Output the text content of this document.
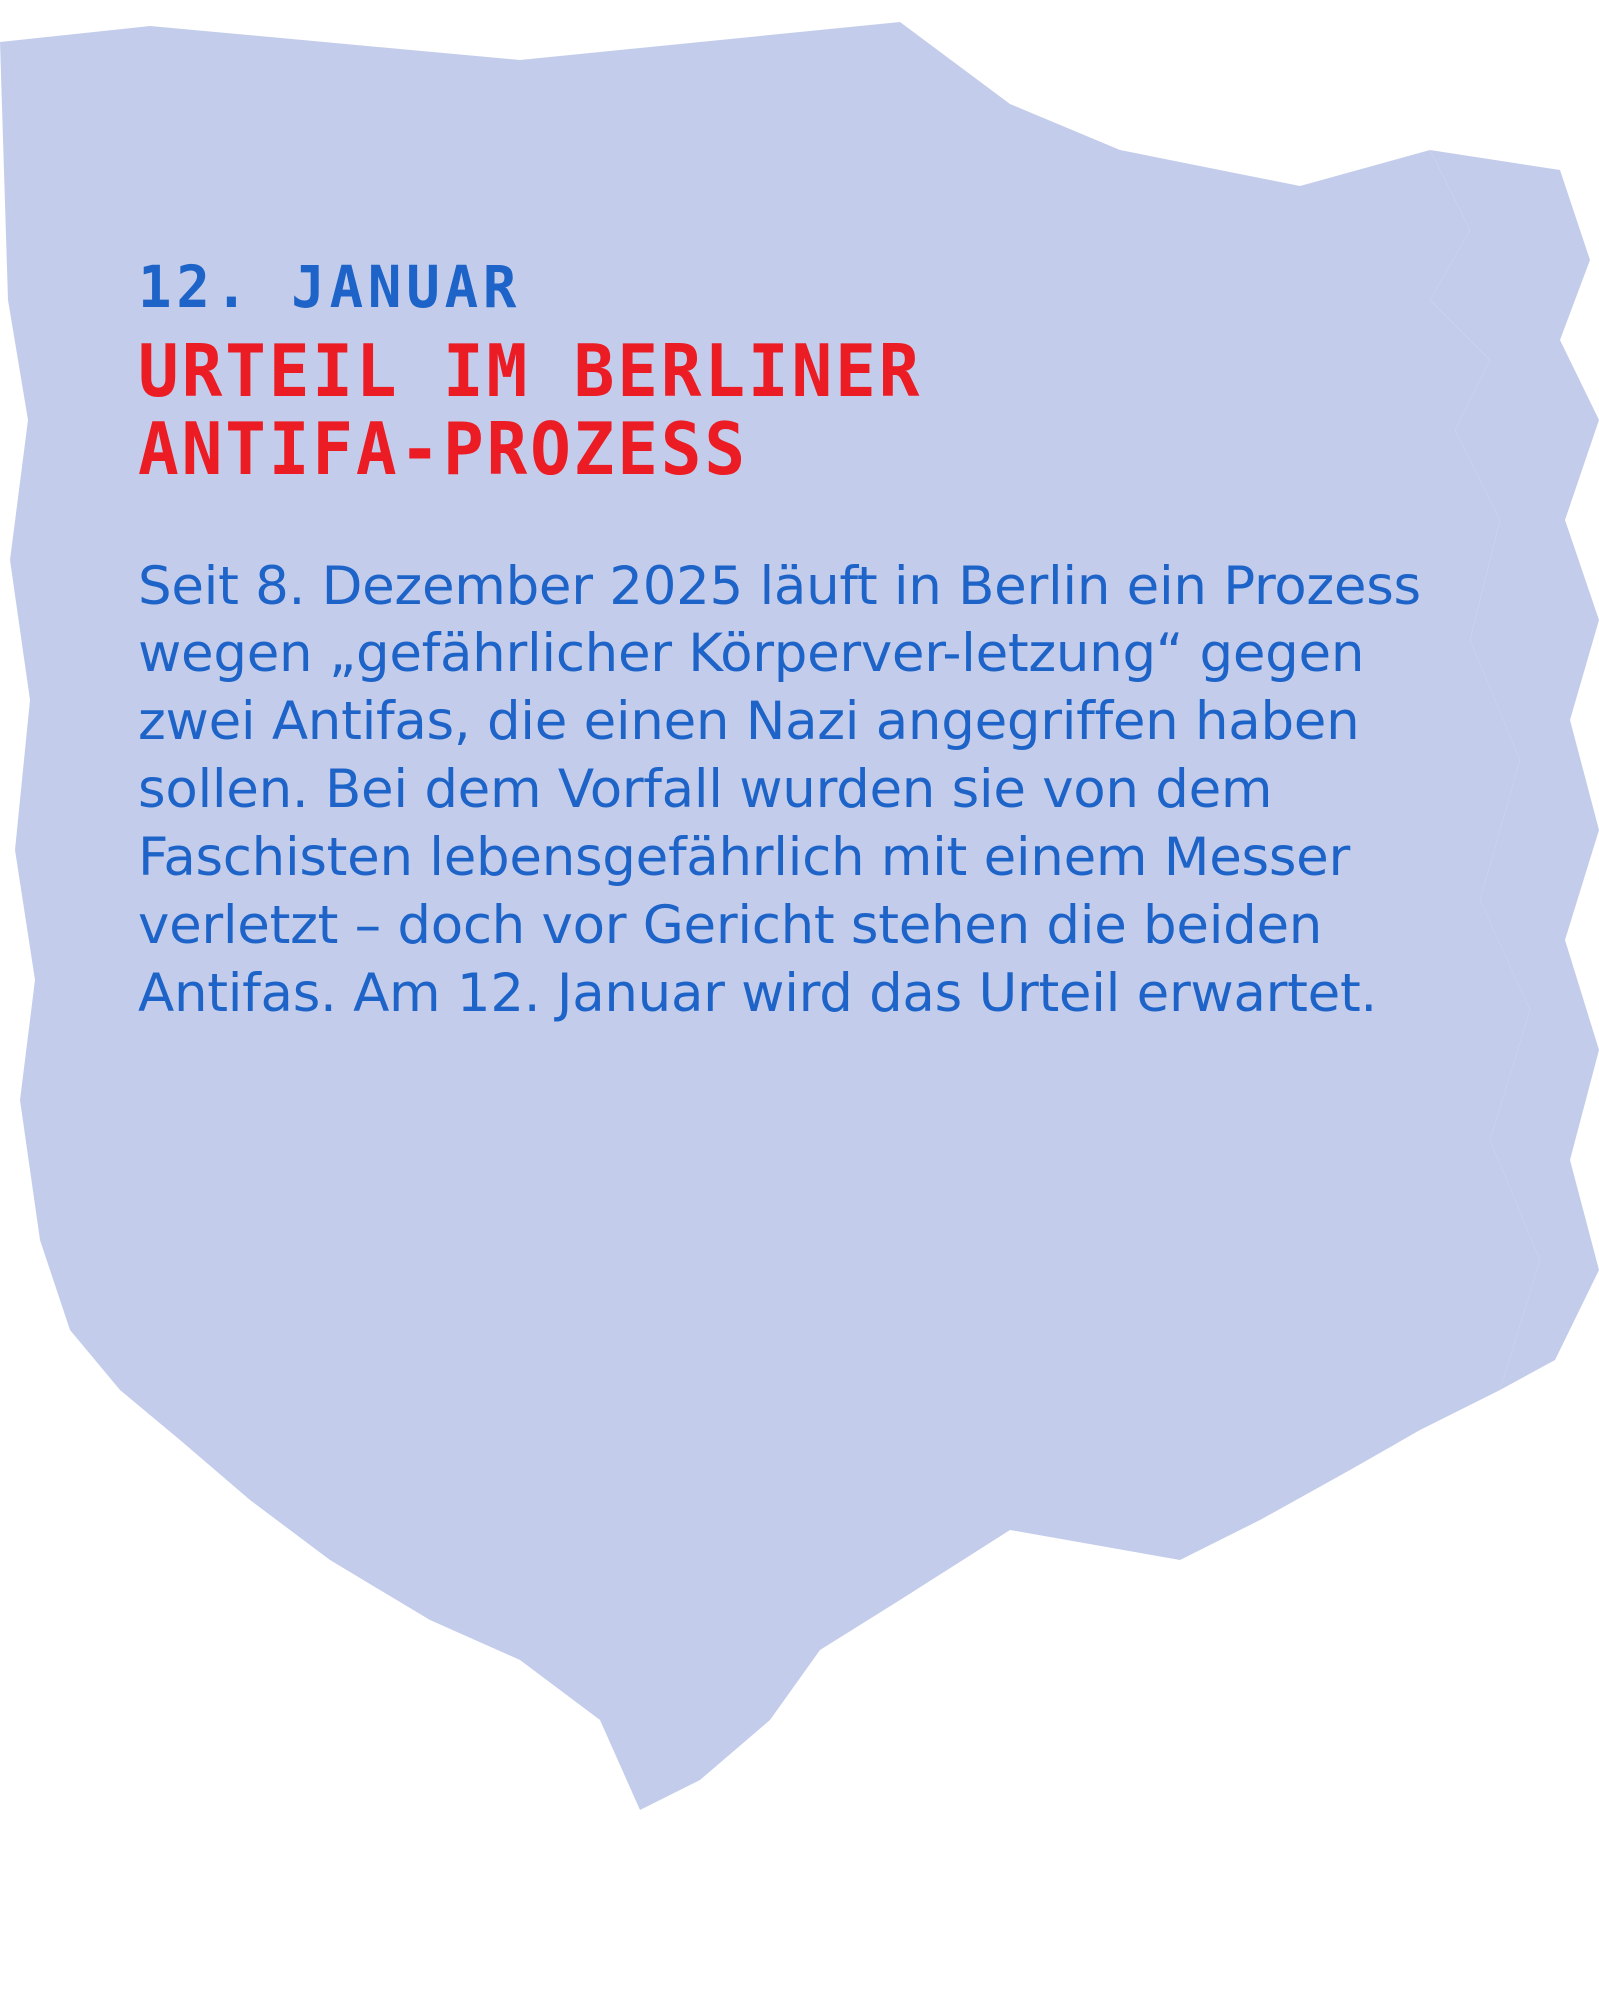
12. JANUAR
URTEIL IM BERLINER
ANTIFA-PROZESS

Seit 8. Dezember 2025 läuft in Berlin ein Prozess wegen „gefährlicher Körperver-letzung“ gegen zwei Antifas, die einen Nazi angegriffen haben sollen. Bei dem Vorfall wurden sie von dem Faschisten lebensgefährlich mit einem Messer verletzt – doch vor Gericht stehen die beiden Antifas. Am 12. Januar wird das Urteil erwartet.
